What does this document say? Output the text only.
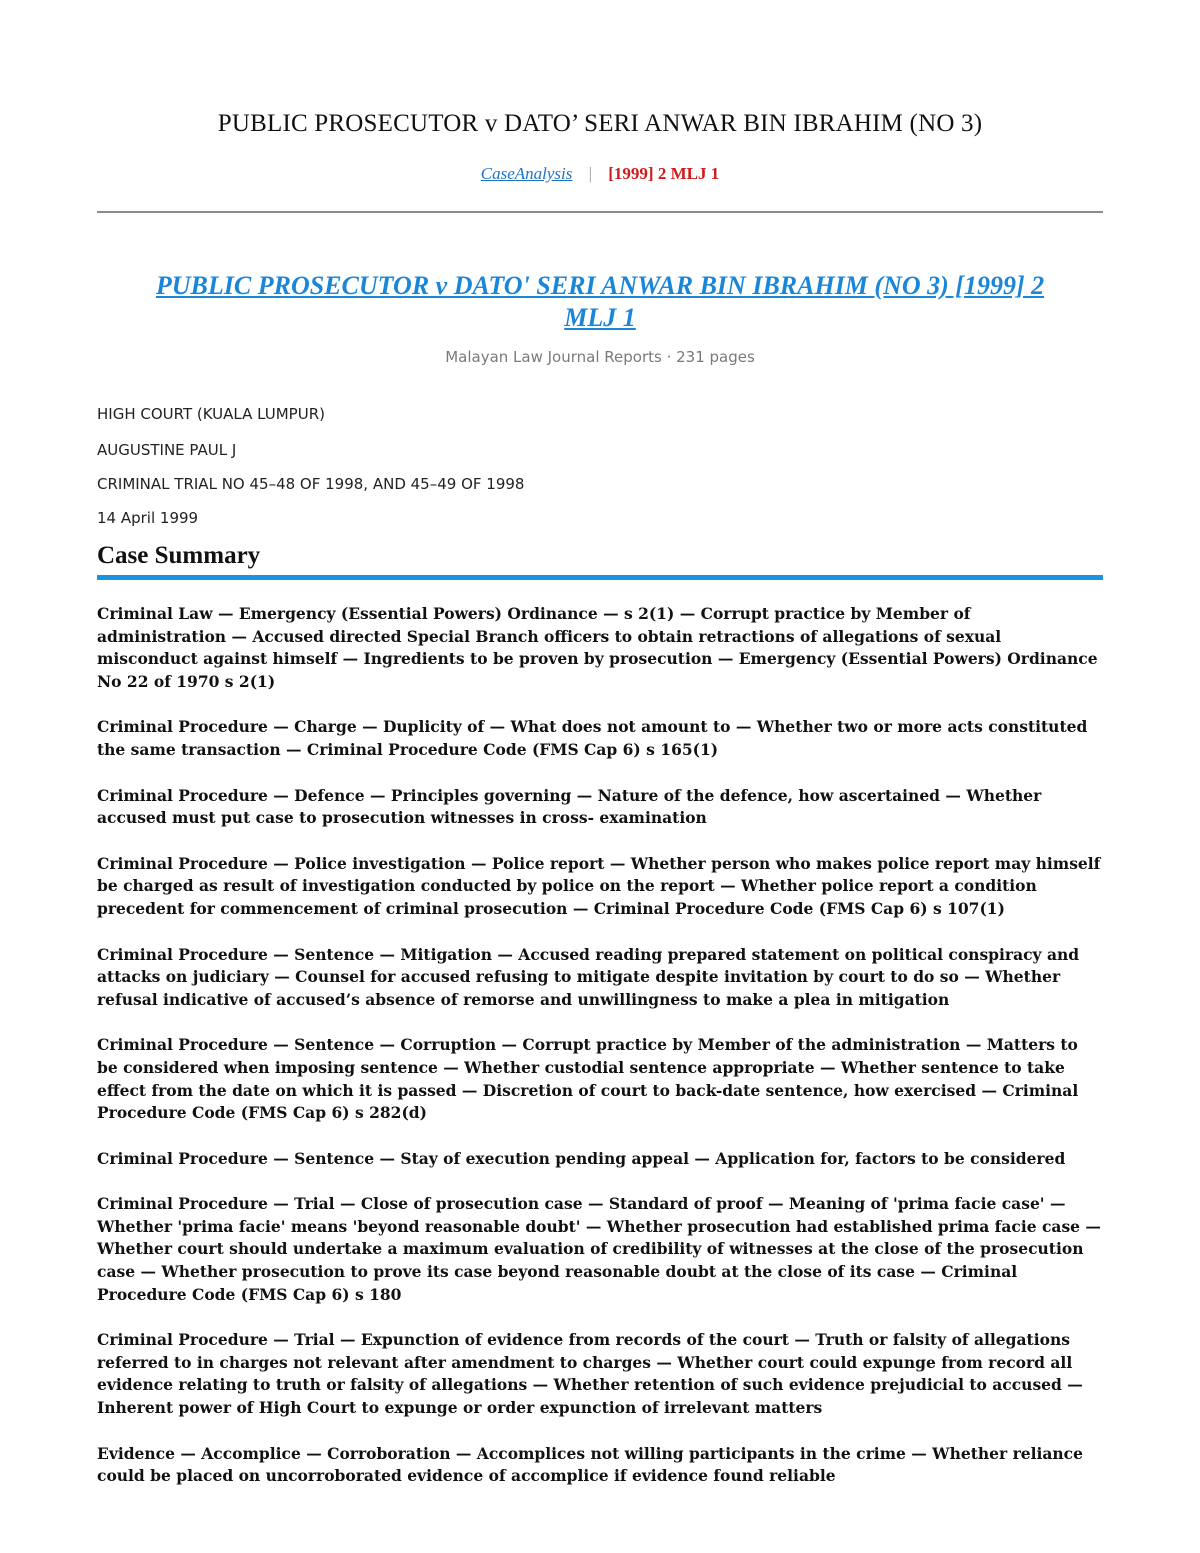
PUBLIC PROSECUTOR v DATO’ SERI ANWAR BIN IBRAHIM (NO 3)
CaseAnalysis | [1999] 2 MLJ 1
PUBLIC PROSECUTOR v DATO' SERI ANWAR BIN IBRAHIM (NO 3) [1999] 2
MLJ 1
Malayan Law Journal Reports · 231 pages
HIGH COURT (KUALA LUMPUR)
AUGUSTINE PAUL J
CRIMINAL TRIAL NO 45–48 OF 1998, AND 45–49 OF 1998
14 April 1999
Case Summary

Criminal Law — Emergency (Essential Powers) Ordinance — s 2(1) — Corrupt practice by Member of administration — Accused directed Special Branch officers to obtain retractions of allegations of sexual misconduct against himself — Ingredients to be proven by prosecution — Emergency (Essential Powers) Ordinance No 22 of 1970 s 2(1)

Criminal Procedure — Charge — Duplicity of — What does not amount to — Whether two or more acts constituted the same transaction — Criminal Procedure Code (FMS Cap 6) s 165(1)

Criminal Procedure — Defence — Principles governing — Nature of the defence, how ascertained — Whether accused must put case to prosecution witnesses in cross- examination

Criminal Procedure — Police investigation — Police report — Whether person who makes police report may himself be charged as result of investigation conducted by police on the report — Whether police report a condition precedent for commencement of criminal prosecution — Criminal Procedure Code (FMS Cap 6) s 107(1)

Criminal Procedure — Sentence — Mitigation — Accused reading prepared statement on political conspiracy and attacks on judiciary — Counsel for accused refusing to mitigate despite invitation by court to do so — Whether refusal indicative of accused’s absence of remorse and unwillingness to make a plea in mitigation

Criminal Procedure — Sentence — Corruption — Corrupt practice by Member of the administration — Matters to be considered when imposing sentence — Whether custodial sentence appropriate — Whether sentence to take effect from the date on which it is passed — Discretion of court to back-date sentence, how exercised — Criminal Procedure Code (FMS Cap 6) s 282(d)

Criminal Procedure — Sentence — Stay of execution pending appeal — Application for, factors to be considered

Criminal Procedure — Trial — Close of prosecution case — Standard of proof — Meaning of 'prima facie case' — Whether 'prima facie' means 'beyond reasonable doubt' — Whether prosecution had established prima facie case — Whether court should undertake a maximum evaluation of credibility of witnesses at the close of the prosecution case — Whether prosecution to prove its case beyond reasonable doubt at the close of its case — Criminal Procedure Code (FMS Cap 6) s 180

Criminal Procedure — Trial — Expunction of evidence from records of the court — Truth or falsity of allegations referred to in charges not relevant after amendment to charges — Whether court could expunge from record all evidence relating to truth or falsity of allegations — Whether retention of such evidence prejudicial to accused — Inherent power of High Court to expunge or order expunction of irrelevant matters

Evidence — Accomplice — Corroboration — Accomplices not willing participants in the crime — Whether reliance could be placed on uncorroborated evidence of accomplice if evidence found reliable
